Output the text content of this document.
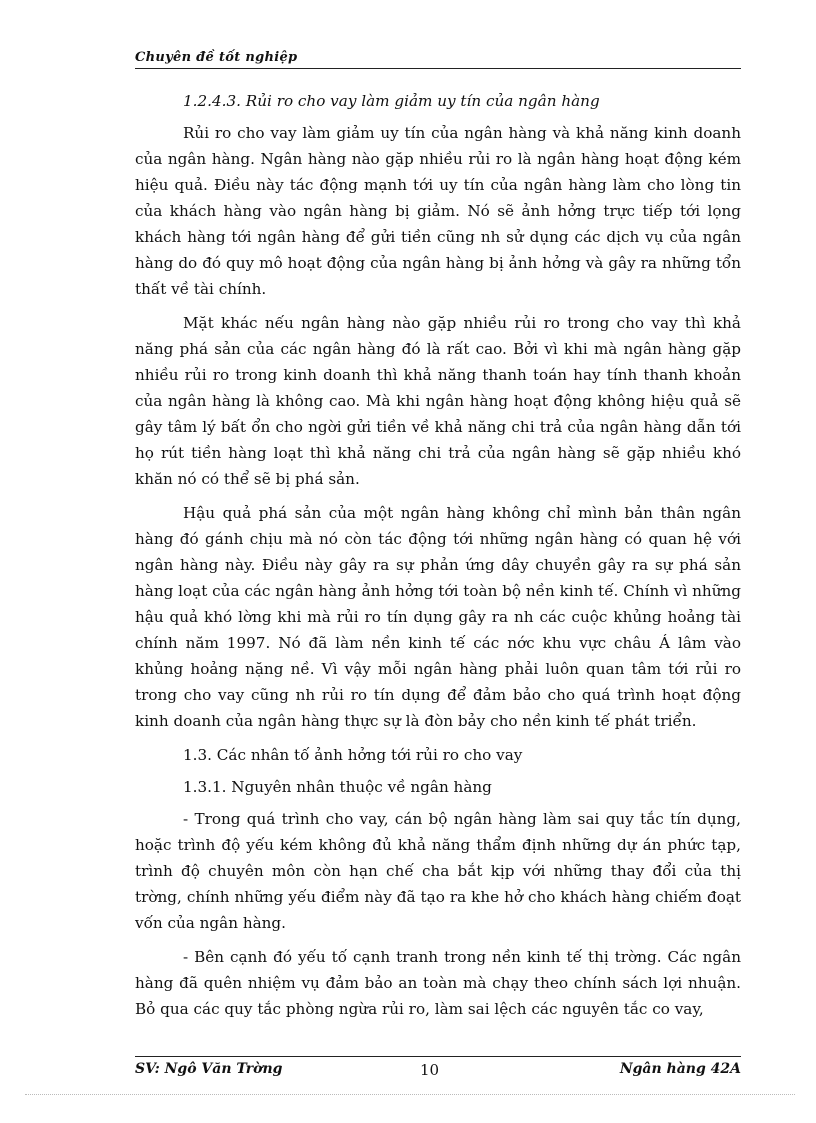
Chuyên đề tốt nghiệp

1.2.4.3. Rủi ro cho vay làm giảm uy tín của ngân hàng

Rủi ro cho vay làm giảm uy tín của ngân hàng và khả năng kinh doanh của ngân hàng. Ngân hàng nào gặp nhiều rủi ro là ngân hàng hoạt động kém hiệu quả. Điều này tác động mạnh tới uy tín của ngân hàng làm cho lòng tin của khách hàng vào ngân hàng bị giảm. Nó sẽ ảnh hởng trực tiếp tới lọng khách hàng tới ngân hàng để gửi tiền cũng nh sử dụng các dịch vụ của ngân hàng do đó quy mô hoạt động của ngân hàng bị ảnh hởng và gây ra những tổn thất về tài chính.

Mặt khác nếu ngân hàng nào gặp nhiều rủi ro trong cho vay thì khả năng phá sản của các ngân hàng đó là rất cao. Bởi vì khi mà ngân hàng gặp nhiều rủi ro trong kinh doanh thì khả năng thanh toán hay tính thanh khoản của ngân hàng là không cao. Mà khi ngân hàng hoạt động không hiệu quả sẽ gây tâm lý bất ổn cho ngời gửi tiền về khả năng chi trả của ngân hàng dẫn tới họ rút tiền hàng loạt thì khả năng chi trả của ngân hàng sẽ gặp nhiều khó khăn nó có thể sẽ bị phá sản.

Hậu quả phá sản của một ngân hàng không chỉ mình bản thân ngân hàng đó gánh chịu mà nó còn tác động tới những ngân hàng có quan hệ với ngân hàng này. Điều này gây ra sự phản ứng dây chuyền gây ra sự phá sản hàng loạt của các ngân hàng ảnh hởng tới toàn bộ nền kinh tế. Chính vì những hậu quả khó lờng khi mà rủi ro tín dụng gây ra nh các cuộc khủng hoảng tài chính năm 1997. Nó đã làm nền kinh tế các nớc khu vực châu Á lâm vào khủng hoảng nặng nề. Vì vậy mỗi ngân hàng phải luôn quan tâm tới rủi ro trong cho vay cũng nh rủi ro tín dụng để đảm bảo cho quá trình hoạt động kinh doanh của ngân hàng thực sự là đòn bảy cho nền kinh tế phát triển.

1.3. Các nhân tố ảnh hởng tới rủi ro cho vay

1.3.1. Nguyên nhân thuộc về ngân hàng

- Trong quá trình cho vay, cán bộ ngân hàng làm sai quy tắc tín dụng, hoặc trình độ yếu kém không đủ khả năng thẩm định những dự án phức tạp, trình độ chuyên môn còn hạn chế cha bắt kịp với những thay đổi của thị trờng, chính những yếu điểm này đã tạo ra khe hở cho khách hàng chiếm đoạt vốn của ngân hàng.

- Bên cạnh đó yếu tố cạnh tranh trong nền kinh tế thị trờng. Các ngân hàng đã quên nhiệm vụ đảm bảo an toàn mà chạy theo chính sách lợi nhuận. Bỏ qua các quy tắc phòng ngừa rủi ro, làm sai lệch các nguyên tắc co vay,

SV: Ngô Văn Trờng	10	Ngân hàng 42A
